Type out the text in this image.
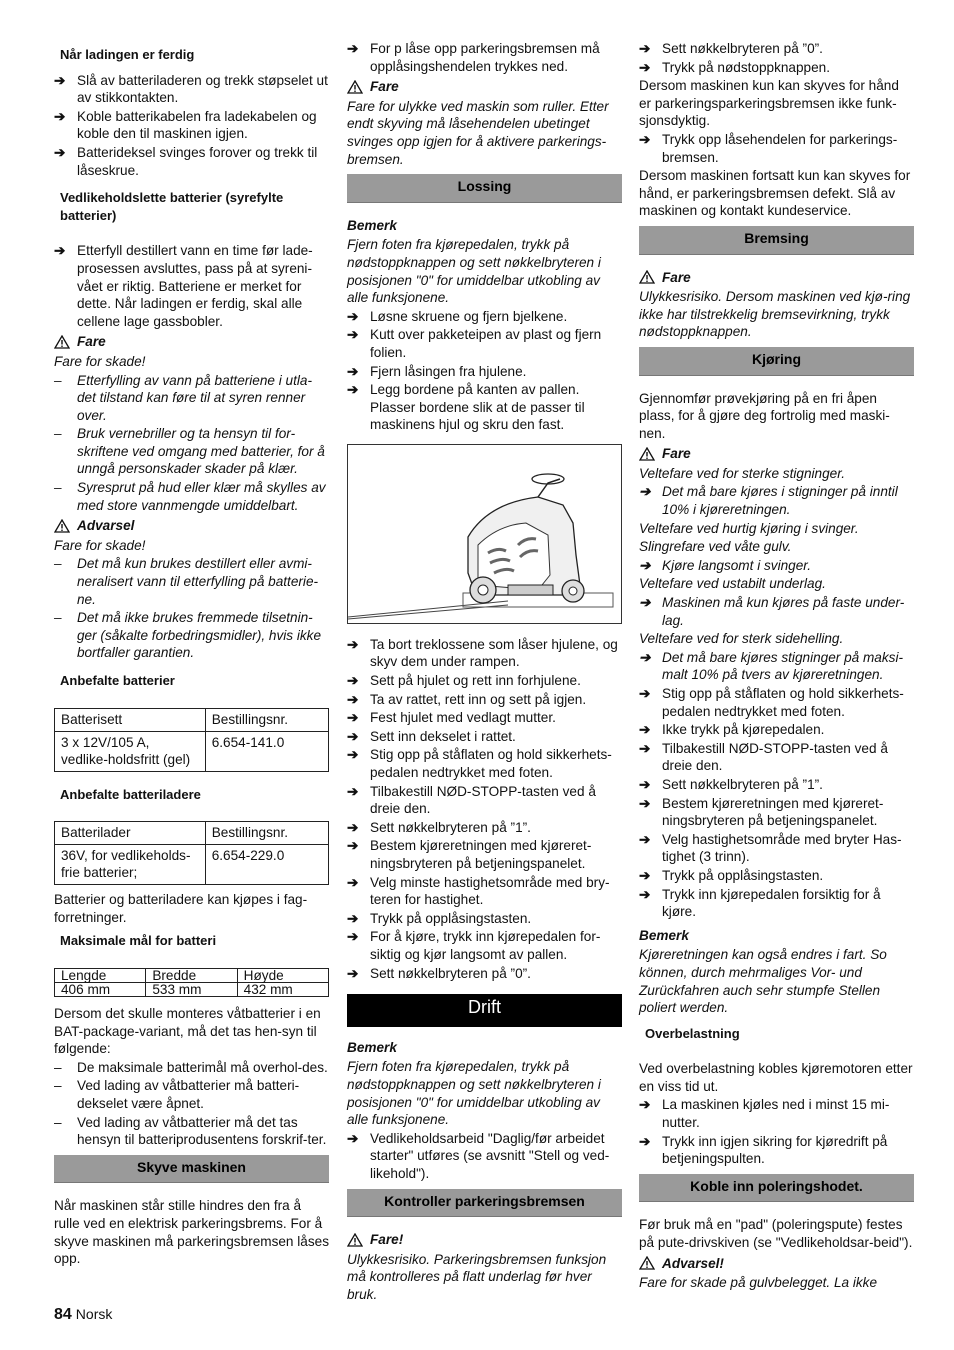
Når ladingen er ferdig
➔ Slå av batteriladeren og trekk støpselet ut av stikkontakten.
➔ Koble batterikabelen fra ladekabelen og koble den til maskinen igjen.
➔ Batterideksel svinges forover og trekk til låseskrue.
Vedlikeholdslette batterier (syrefylte batterier)
➔ Etterfyll destillert vann en time før lade-prosessen avsluttes, pass på at syreni-vået er riktig. Batteriene er merket for dette. Når ladingen er ferdig, skal alle cellene lage gassbobler.
Fare
Fare for skade!
–	Etterfylling av vann på batteriene i utla-det tilstand kan føre til at syren renner over.
–	Bruk vernebriller og ta hensyn til for-skriftene ved omgang med batterier, for å unngå personskader skader på klær.
–	Syresprut på hud eller klær må skylles av med store vannmengde umiddelbart.
Advarsel
Fare for skade!
–	Det må kun brukes destillert eller avmi-neralisert vann til etterfylling på batterie-ne.
–	Det må ikke brukes fremmede tilsetnin-ger (såkalte forbedringsmidler), hvis ikke bortfaller garantien.
Anbefalte batterier
Batterisett	Bestillingsnr.
3 x 12V/105 A, vedlike-holdsfritt (gel)	6.654-141.0
Anbefalte batteriladere
Batterilader	Bestillingsnr.
36V, for vedlikeholds-frie batterier;	6.654-229.0
Batterier og batteriladere kan kjøpes i fag-forretninger.
Maksimale mål for batteri
Lengde	Bredde	Høyde
406 mm	533 mm	432 mm
Dersom det skulle monteres våtbatterier i en BAT-package-variant, må det tas hen-syn til følgende:
–	De maksimale batterimål må overhol-des.
–	Ved lading av våtbatterier må batteri-dekselet være åpnet.
–	Ved lading av våtbatterier må det tas hensyn til batteriprodusentens forskrif-ter.
Skyve maskinen
Når maskinen står stille hindres den fra å rulle ved en elektrisk parkeringsbrems. For å skyve maskinen må parkeringsbremsen låses opp.
➔ For p låse opp parkeringsbremsen må opplåsingshendelen trykkes ned.
Fare
Fare for ulykke ved maskin som ruller. Etter endt skyving må låsehendelen ubetinget svinges opp igjen for å aktivere parkerings-bremsen.
Lossing
Bemerk
Fjern foten fra kjørepedalen, trykk på nødstoppknappen og sett nøkkelbryteren i posisjonen "0" for umiddelbar utkobling av alle funksjonene.
➔ Løsne skruene og fjern bjelkene.
➔ Kutt over pakketeipen av plast og fjern folien.
➔ Fjern låsingen fra hjulene.
➔ Legg bordene på kanten av pallen. Plasser bordene slik at de passer til maskinens hjul og skru den fast.
➔ Ta bort treklossene som låser hjulene, og skyv dem under rampen.
➔ Sett på hjulet og rett inn forhjulene.
➔ Ta av rattet, rett inn og sett på igjen.
➔ Fest hjulet med vedlagt mutter.
➔ Sett inn dekselet i rattet.
➔ Stig opp på ståflaten og hold sikkerhets-pedalen nedtrykket med foten.
➔ Tilbakestill NØD-STOPP-tasten ved å dreie den.
➔ Sett nøkkelbryteren på ”1”.
➔ Bestem kjøreretningen med kjøreret-ningsbryteren på betjeningspanelet.
➔ Velg minste hastighetsområde med bry-teren for hastighet.
➔ Trykk på opplåsingstasten.
➔ For å kjøre, trykk inn kjørepedalen for-siktig og kjør langsomt av pallen.
➔ Sett nøkkelbryteren på ”0”.
Drift
Bemerk
Fjern foten fra kjørepedalen, trykk på nødstoppknappen og sett nøkkelbryteren i posisjonen "0" for umiddelbar utkobling av alle funksjonene.
➔ Vedlikeholdsarbeid "Daglig/før arbeidet starter" utføres (se avsnitt "Stell og ved-likehold").
Kontroller parkeringsbremsen
Fare!
Ulykkesrisiko. Parkeringsbremsen funksjon må kontrolleres på flatt underlag før hver bruk.
➔ Sett nøkkelbryteren på ”0”.
➔ Trykk på nødstoppknappen.
Dersom maskinen kun kan skyves for hånd er parkeringsparkeringsbremsen ikke funk-sjonsdyktig.
➔ Trykk opp låsehendelen for parkerings-bremsen.
Dersom maskinen fortsatt kun kan skyves for hånd, er parkeringsbremsen defekt. Slå av maskinen og kontakt kundeservice.
Bremsing
Fare
Ulykkesrisiko. Dersom maskinen ved kjø-ring ikke har tilstrekkelig bremsevirkning, trykk nødstoppknappen.
Kjøring
Gjennomfør prøvekjøring på en fri åpen plass, for å gjøre deg fortrolig med maski-nen.
Fare
Veltefare ved for sterke stigninger.
➔ Det må bare kjøres i stigninger på inntil 10% i kjøreretningen.
Veltefare ved hurtig kjøring i svinger.
Slingrefare ved våte gulv.
➔ Kjøre langsomt i svinger.
Veltefare ved ustabilt underlag.
➔ Maskinen må kun kjøres på faste under-lag.
Veltefare ved for sterk sidehelling.
➔ Det må bare kjøres stigninger på maksi-malt 10% på tvers av kjøreretningen.
➔ Stig opp på ståflaten og hold sikkerhets-pedalen nedtrykket med foten.
➔ Ikke trykk på kjørepedalen.
➔ Tilbakestill NØD-STOPP-tasten ved å dreie den.
➔ Sett nøkkelbryteren på ”1”.
➔ Bestem kjøreretningen med kjøreret-ningsbryteren på betjeningspanelet.
➔ Velg hastighetsområde med bryter Has-tighet (3 trinn).
➔ Trykk på opplåsingstasten.
➔ Trykk inn kjørepedalen forsiktig for å kjøre.
Bemerk
Kjøreretningen kan også endres i fart. So können, durch mehrmaliges Vor- und Zurückfahren auch sehr stumpfe Stellen poliert werden.
Overbelastning
Ved overbelastning kobles kjøremotoren etter en viss tid ut.
➔ La maskinen kjøles ned i minst 15 mi-nutter.
➔ Trykk inn igjen sikring for kjøredrift på betjeningspulten.
Koble inn poleringshodet.
Før bruk må en "pad" (poleringspute) festes på pute-drivskiven (se "Vedlikeholdsar-beid").
Advarsel!
Fare for skade på gulvbelegget. La ikke
84 Norsk
